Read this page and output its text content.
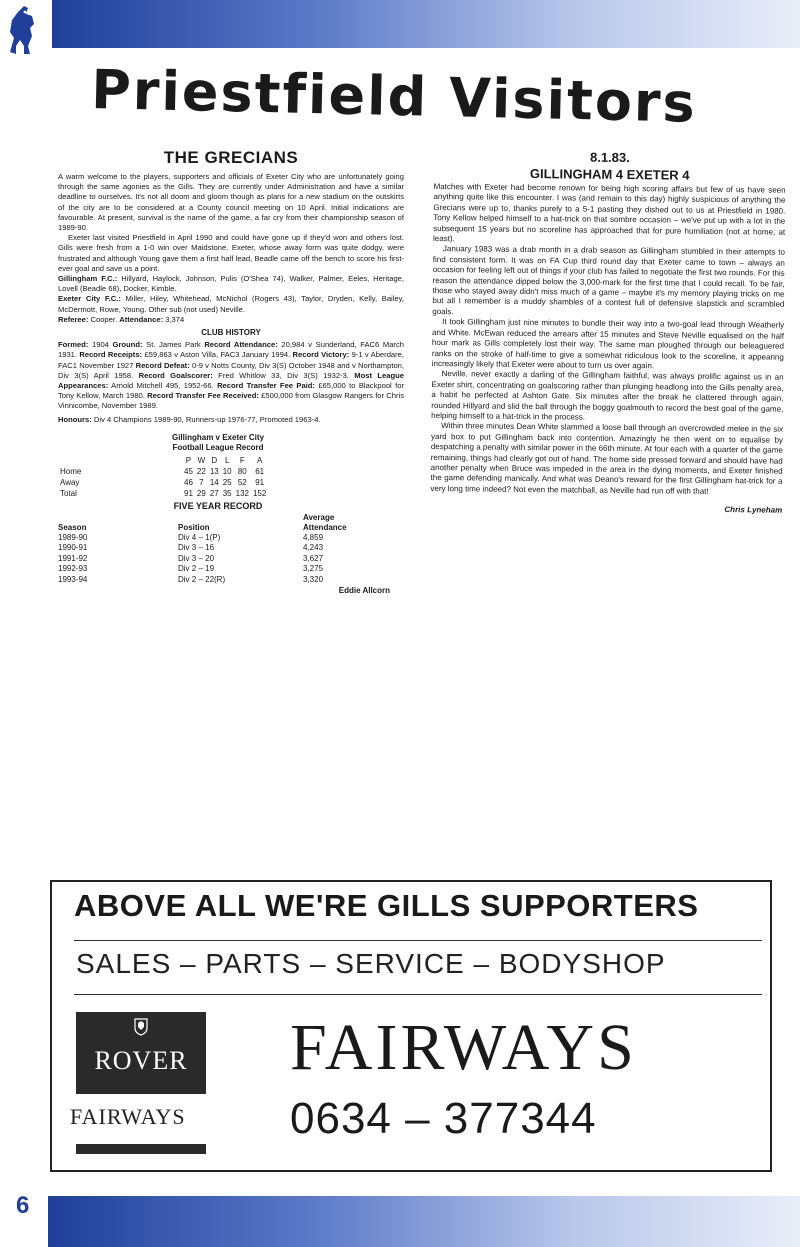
Priestfield Visitors
THE GRECIANS

A warm welcome to the players, supporters and officials of Exeter City who are unfortunately going through the same agonies as the Gills. They are currently under Administration and have a similar deadline to ourselves. It's not all doom and gloom though as plans for a new stadium on the outskirts of the city are to be considered at a County council meeting on 10 April. Initial indications are favourable. At present, survival is the name of the game, a far cry from their championship season of 1989-90.

Exeter last visited Priestfield in April 1990 and could have gone up if they'd won and others lost. Gills were fresh from a 1-0 win over Maidstone. Exeter, whose away form was quite dodgy, were frustrated and although Young gave them a first half lead, Beadle came off the bench to score his first-ever goal and save us a point.

Gillingham F.C.: Hillyard, Haylock, Johnson, Pulis (O'Shea 74), Walker, Palmer, Eeles, Heritage, Lovell (Beadle 68), Docker, Kimble.

Exeter City F.C.: Miller, Hiley, Whitehead, McNichol (Rogers 43), Taylor, Dryden, Kelly, Bailey, McDermott, Rowe, Young. Other sub (not used) Neville.

Referee: Cooper. Attendance: 3,374

CLUB HISTORY

Formed: 1904 Ground: St. James Park Record Attendance: 20,984 v Sunderland, FAC6 March 1931. Record Receipts: £59,863 v Aston Villa, FAC3 January 1994. Record Victory: 9-1 v Aberdare, FAC1 November 1927 Record Defeat: 0-9 v Notts County, Div 3(S) October 1948 and v Northampton, Div 3(S) April 1958. Record Goalscorer: Fred Whitlow 33, Div 3(S) 1932-3. Most League Appearances: Arnold Mitchell 495, 1952-66. Record Transfer Fee Paid: £65,000 to Blackpool for Tony Kellow, March 1980. Record Transfer Fee Received: £500,000 from Glasgow Rangers for Chris Vinnicombe, November 1989.

Honours: Div 4 Champions 1989-90, Runners-up 1976-77, Promoted 1963-4.

Gillingham v Exeter City
Football League Record
	P	W	D	L	F	A
Home	45	22	13	10	80	61
Away	46	7	14	25	52	91
Total	91	29	27	35	132	152
FIVE YEAR RECORD
		Average
Season	Position	Attendance
1989-90	Div 4 – 1(P)	4,859
1990-91	Div 3 – 16	4,243
1991-92	Div 3 – 20	3,627
1992-93	Div 2 – 19	3,275
1993-94	Div 2 – 22(R)	3,320
Eddie Allcorn
8.1.83.
GILLINGHAM 4 EXETER 4

Matches with Exeter had become renown for being high scoring affairs but few of us have seen anything quite like this encounter. I was (and remain to this day) highly suspicious of anything the Grecians were up to, thanks purely to a 5-1 pasting they dished out to us at Priestfield in 1980. Tony Kellow helped himself to a hat-trick on that sombre occasion – we've put up with a lot in the subsequent 15 years but no scoreline has approached that for pure humiliation (not at home, at least).

January 1983 was a drab month in a drab season as Gillingham stumbled in their attempts to find consistent form. It was on FA Cup third round day that Exeter came to town – always an occasion for feeling left out of things if your club has failed to negotiate the first two rounds. For this reason the attendance dipped below the 3,000-mark for the first time that I could recall. To be fair, those who stayed away didn't miss much of a game – maybe it's my memory playing tricks on me but all I remember is a muddy shambles of a contest full of defensive slapstick and scrambled goals.

It took Gillingham just nine minutes to bundle their way into a two-goal lead through Weatherly and White. McEwan reduced the arrears after 15 minutes and Steve Neville equalised on the half hour mark as Gills completely lost their way. The same man ploughed through our beleaguered ranks on the stroke of half-time to give a somewhat ridiculous look to the scoreline, it appearing increasingly likely that Exeter were about to turn us over again.

Neville, never exactly a darling of the Gillingham faithful, was always prolific against us in an Exeter shirt, concentrating on goalscoring rather than plunging headlong into the Gills penalty area, a habit he perfected at Ashton Gate. Six minutes after the break he clattered through again, rounded Hillyard and slid the ball through the boggy goalmouth to record the best goal of the game, helping himself to a hat-trick in the process.

Within three minutes Dean White slammed a loose ball through an overcrowded melee in the six yard box to put Gillingham back into contention. Amazingly he then went on to equalise by despatching a penalty with similar power in the 66th minute. At four each with a quarter of the game remaining, things had clearly got out of hand. The home side pressed forward and should have had another penalty when Bruce was impeded in the area in the dying moments, and Exeter finished the game defending manically. And what was Deano's reward for the first Gillingham hat-trick for a very long time indeed? Not even the matchball, as Neville had run off with that!

Chris Lyneham
ABOVE ALL WE'RE GILLS SUPPORTERS
SALES – PARTS – SERVICE – BODYSHOP
ROVER
FAIRWAYS
FAIRWAYS
0634 – 377344
6
